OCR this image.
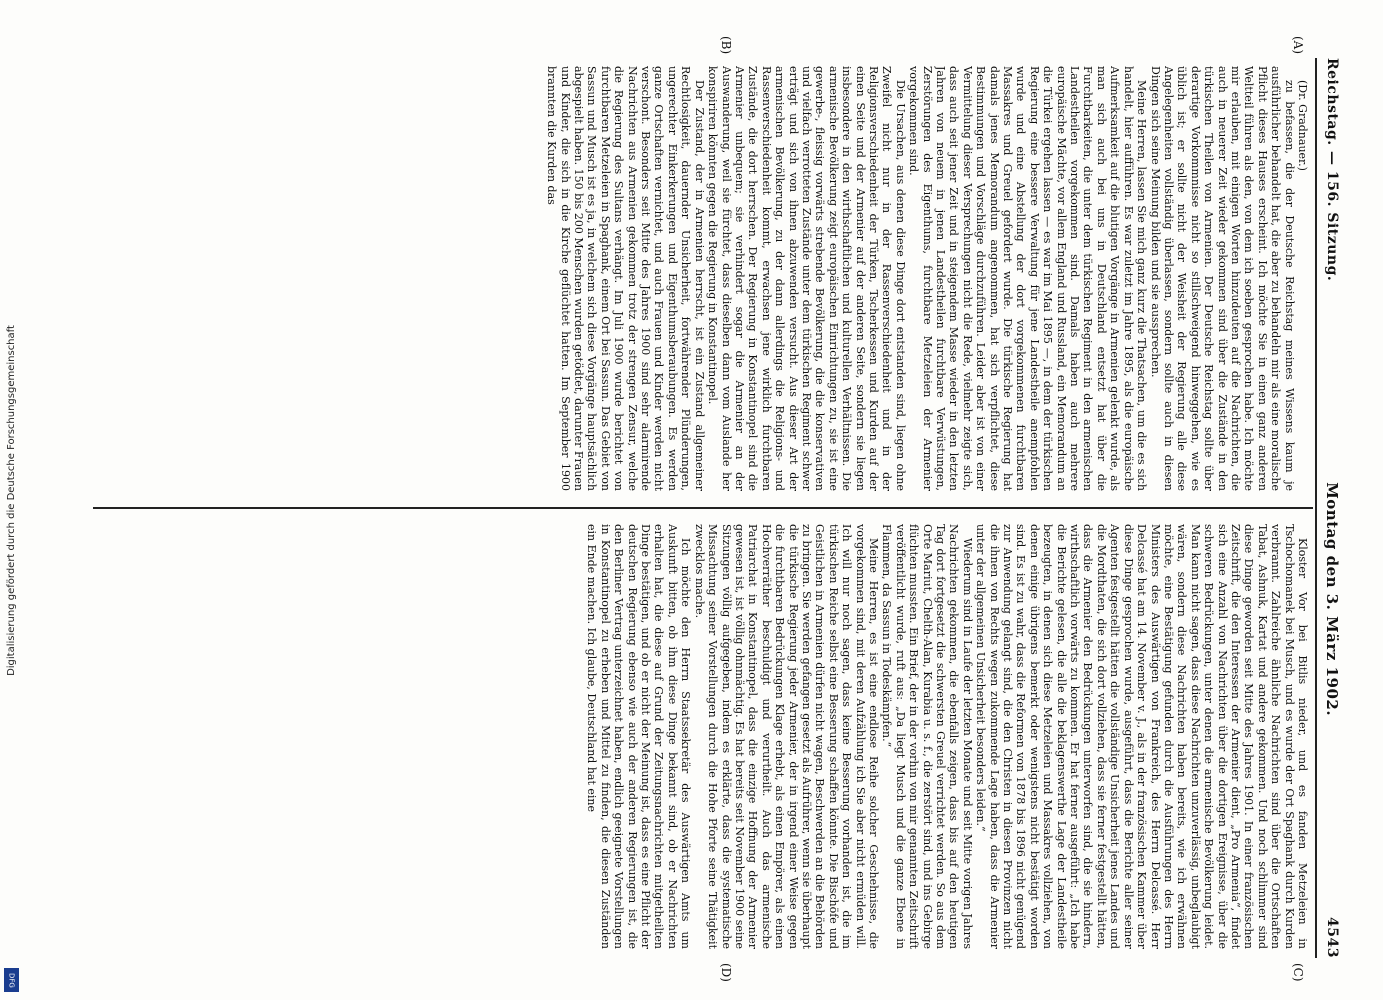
Digitalisierung gefördert durch die Deutsche Forschungsgemeinschaft
DFG
Reichstag. — 156. Sitzung.
Montag den 3. März 1902.
4543
(A)
(B)
(C)
(D)

(Dr. Gradnauer.)

zu befassen, die der Deutsche Reichstag meines Wissens kaum je ausführlicher behandelt hat, die aber zu behandeln mir als eine moralische Pflicht dieses Hauses erscheint. Ich möchte Sie in einen ganz anderen Weltteil führen als den, von dem ich soeben gesprochen habe. Ich möchte mir erlauben, mit einigen Worten hinzudeuten auf die Nachrichten, die auch in neuerer Zeit wieder gekommen sind über die Zustände in den türkischen Theilen von Armenien. Der Deutsche Reichstag sollte über derartige Vorkommnisse nicht so stillschweigend hinweggehen, wie es üblich ist; er sollte nicht der Weisheit der Regierung alle diese Angelegenheiten vollständig überlassen, sondern sollte auch in diesen Dingen sich seine Meinung bilden und sie aussprechen.

Meine Herren, lassen Sie mich ganz kurz die Thatsachen, um die es sich handelt, hier aufführen. Es war zuletzt im Jahre 1895, als die europäische Aufmerksamkeit auf die blutigen Vorgänge in Armenien gelenkt wurde, als man sich auch bei uns in Deutschland entsetzt hat über die Furchtbarkeiten, die unter dem türkischen Regiment in den armenischen Landestheilen vorgekommen sind. Damals haben auch mehrere europäische Mächte, vor allem England und Russland, ein Memorandum an die Türkei ergehen lassen — es war im Mai 1895 —, in dem der türkischen Regierung eine bessere Verwaltung für jene Landestheile anempfohlen wurde und eine Abstellung der dort vorgekommenen furchtbaren Massakres und Greuel gefordert wurde. Die türkische Regierung hat damals jenes Memorandum angenommen, hat sich verpflichtet, diese Bestimmungen und Vorschläge durchzuführen. Leider aber ist von einer Vermittelung dieser Versprechungen nicht die Rede, vielmehr zeigte sich, dass auch seit jener Zeit und in steigendem Masse wieder in den letzten Jahren von neuem in jenen Landestheilen furchtbare Verwüstungen, Zerstörungen des Eigenthums, furchtbare Metzeleien der Armenier vorgekommen sind.

Die Ursachen, aus denen diese Dinge dort entstanden sind, liegen ohne Zweifel nicht nur in der Rassenverschiedenheit und in der Religionsverschiedenheit der Türken, Tscherkessen und Kurden auf der einen Seite und der Armenier auf der anderen Seite, sondern sie liegen insbesondere in den wirthschaftlichen und kulturellen Verhältnissen. Die armenische Bevölkerung zeigt europäischen Einrichtungen zu, sie ist eine gewerbe-, fleissig vorwärts strebende Bevölkerung, die die konservativen und vielfach verrotteten Zustände unter dem türkischen Regiment schwer erträgt und sich von ihnen abzuwenden versucht. Aus dieser Art der armenischen Bevölkerung, zu der dann allerdings die Religions- und Rassenverschiedenheit kommt, erwachsen jene wirklich furchtbaren Zustände, die dort herrschen. Der Regierung in Konstantinopel sind die Armenier unbequem; sie verhindert sogar die Armenier an der Auswanderung, weil sie fürchtet, dass dieselben dann vom Auslande her konspiriren könnten gegen die Regierung in Konstantinopel.

Der Zustand, der in Armenien herrscht, ist ein Zustand allgemeiner Rechtlosigkeit, dauernder Unsicherheit, fortwährender Plünderungen, ungerechter Einkerkerungen und Eigenthumsberaubungen. Es werden ganze Ortschaften vernichtet, und auch Frauen und Kinder werden nicht verschont. Besonders seit Mitte des Jahres 1900 sind sehr alarmirende Nachrichten aus Armenien gekommen trotz der strengen Zensur, welche die Regierung des Sultans verhängt. Im Juli 1900 wurde berichtet von furchtbaren Metzeleien in Spaghank, einem Ort bei Sassun. Das Gebiet von Sassun und Musch ist es ja, in welchem sich diese Vorgänge hauptsächlich abgespielt haben. 150 bis 200 Menschen wurden getödtet, darunter Frauen und Kinder, die sich in die Kirche geflüchtet hatten. Im September 1900 brannten die Kurden das

Kloster Vor bei Bitlis nieder, und es fanden Metzeleien in Tschochomanek bei Musch, und es wurde der Ort Spaghank durch Kurden verbrannt. Zahlreiche ähnliche Nachrichten sind über die Ortschaften Tabat, Ashnuk, Kartat und andere gekommen. Und noch schlimmer sind diese Dinge geworden seit Mitte des Jahres 1901. In einer französischen Zeitschrift, die den Interessen der Armenier dient, „Pro Armenia“, findet sich eine Anzahl von Nachrichten über die dortigen Ereignisse, über die schweren Bedrückungen, unter denen die armenische Bevölkerung leidet. Man kann nicht sagen, dass diese Nachrichten unzuverlässig, unbeglaubigt wären, sondern diese Nachrichten haben bereits, wie ich erwähnen möchte, eine Bestätigung gefunden durch die Ausführungen des Herrn Ministers des Auswärtigen von Frankreich, des Herrn Delcassé. Herr Delcassé hat am 14. November v. J., als in der französischen Kammer über diese Dinge gesprochen wurde, ausgeführt, dass die Berichte aller seiner Agenten festgestellt hätten die vollständige Unsicherheit jenes Landes und die Mordthaten, die sich dort vollziehen, dass sie ferner festgestellt hätten, dass die Armenier den Bedrückungen unterworfen sind, die sie hindern, wirthschaftlich vorwärts zu kommen. Er hat ferner ausgeführt: „Ich habe die Berichte gelesen, die alle die beklagenswerthe Lage der Landestheile bezeugten, in denen sich diese Metzeleien und Massakres vollziehen, von denen einige übrigens bemerkt oder wenigstens nicht bestätigt worden sind. Es ist zu wahr, dass die Reformen von 1878 bis 1896 nicht genügend zur Anwendung gelangt sind, die den Christen in diesen Provinzen nicht die ihnen von Rechts wegen zukommende Lage haben, dass die Armenier unter der allgemeinen Unsicherheit besonders leiden.“

Wiederum sind in Laufe der letzten Monate und seit Mitte vorigen Jahres Nachrichten gekommen, die ebenfalls zeigen, dass bis auf den heutigen Tag dort fortgesetzt die schwersten Greuel verrichtet werden. So aus dem Orte Mariut, Chelth-Alan, Kurabia u. s. f., die zerstört sind, und ins Gebirge flüchten mussten. Ein Brief, der in der vorhin von mir genannten Zeitschrift veröffentlicht wurde, ruft aus: „Da liegt Musch und die ganze Ebene in Flammen, da Sassun in Todeskämpfen.“

Meine Herren, es ist eine endlose Reihe solcher Geschehnisse, die vorgekommen sind, mit deren Aufzählung ich Sie aber nicht ermüden will. Ich will nur noch sagen, dass keine Besserung vorhanden ist, die im türkischen Reiche selbst eine Besserung schaffen könnte. Die Bischöfe und Geistlichen in Armenien dürfen nicht wagen, Beschwerden an die Behörden zu bringen. Sie werden gefangen gesetzt als Aufrührer, wenn sie überhaupt die türkische Regierung jeder Armenier, der in irgend einer Weise gegen die furchtbaren Bedrückungen Klage erhebt, als einen Empörer, als einen Hochverräther beschuldigt und verurtheilt. Auch das armenische Patriarchat in Konstantinopel, dass die einzige Hoffnung der Armenier gewesen ist, ist völlig ohnmächtig. Es hat bereits seit November 1900 seine Sitzungen völlig aufgegeben, indem es erklärte, dass die systematische Missachtung seiner Vorstellungen durch die Hohe Pforte seine Thätigkeit zwecklos mache.

Ich möchte den Herrn Staatssekretär des Auswärtigen Amts um Auskunft bitten, ob ihm diese Dinge bekannt sind, ob er Nachrichten erhalten hat, die diese auf Grund der Zeitungsnachrichten mitgetheilten Dinge bestätigen, und ob er nicht der Meinung ist, dass es eine Pflicht der deutschen Regierung ebenso wie auch der anderen Regierungen ist, die den Berliner Vertrag unterzeichnet haben, endlich geeignete Vorstellungen in Konstantinopel zu erheben und Mittel zu finden, die diesen Zuständen ein Ende machen. Ich glaube, Deutschland hat eine
